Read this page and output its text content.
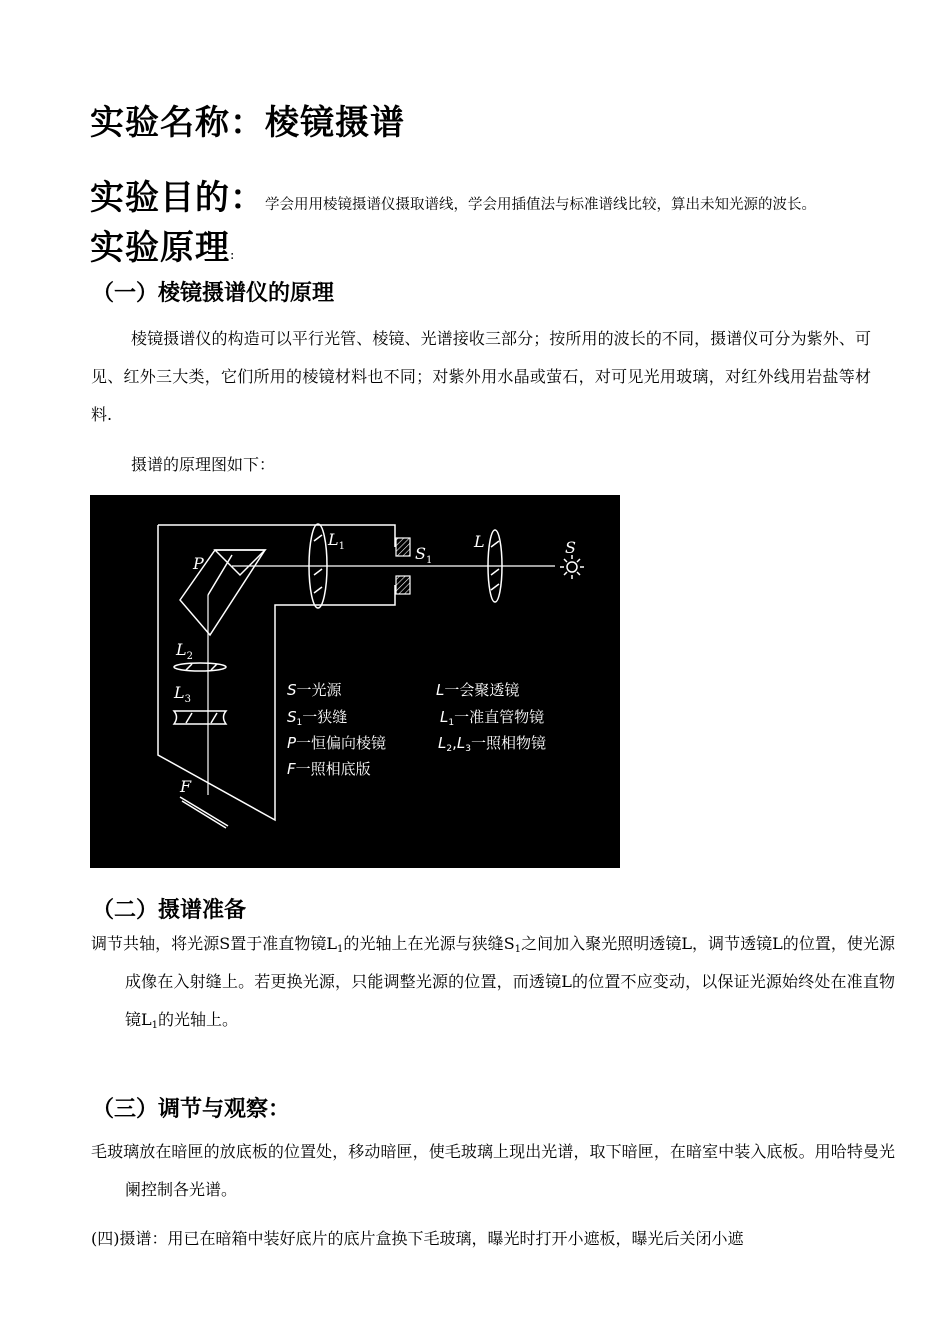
实验名称：棱镜摄谱
实验目的：学会用用棱镜摄谱仪摄取谱线，学会用插值法与标准谱线比较，算出未知光源的波长。
实验原理:
（一）棱镜摄谱仪的原理
棱镜摄谱仪的构造可以平行光管、棱镜、光谱接收三部分；按所用的波长的不同，摄谱仪可分为紫外、可见、红外三大类，它们所用的棱镜材料也不同；对紫外用水晶或萤石，对可见光用玻璃，对红外线用岩盐等材料.
摄谱的原理图如下：
$L_1$	$S_1$
L	S
P
$L_2$
$L_3$
F
S一光源
$S_1$一狭缝
P一恒偏向棱镜
F一照相底版
L一会聚透镜
$L_1$一准直管物镜
$L_2,L_3$一照相物镜
（二）摄谱准备
调节共轴，将光源S置于准直物镜$L_1$的光轴上在光源与狭缝$S_1$之间加入聚光照明透镜L，调节透镜L的位置，使光源成像在入射缝上。若更换光源，只能调整光源的位置，而透镜L的位置不应变动，以保证光源始终处在准直物镜$L_1$的光轴上。
（三）调节与观察：
毛玻璃放在暗匣的放底板的位置处，移动暗匣，使毛玻璃上现出光谱，取下暗匣，在暗室中装入底板。用哈特曼光阑控制各光谱。
(四)摄谱：用已在暗箱中装好底片的底片盒换下毛玻璃，曝光时打开小遮板，曝光后关闭小遮
